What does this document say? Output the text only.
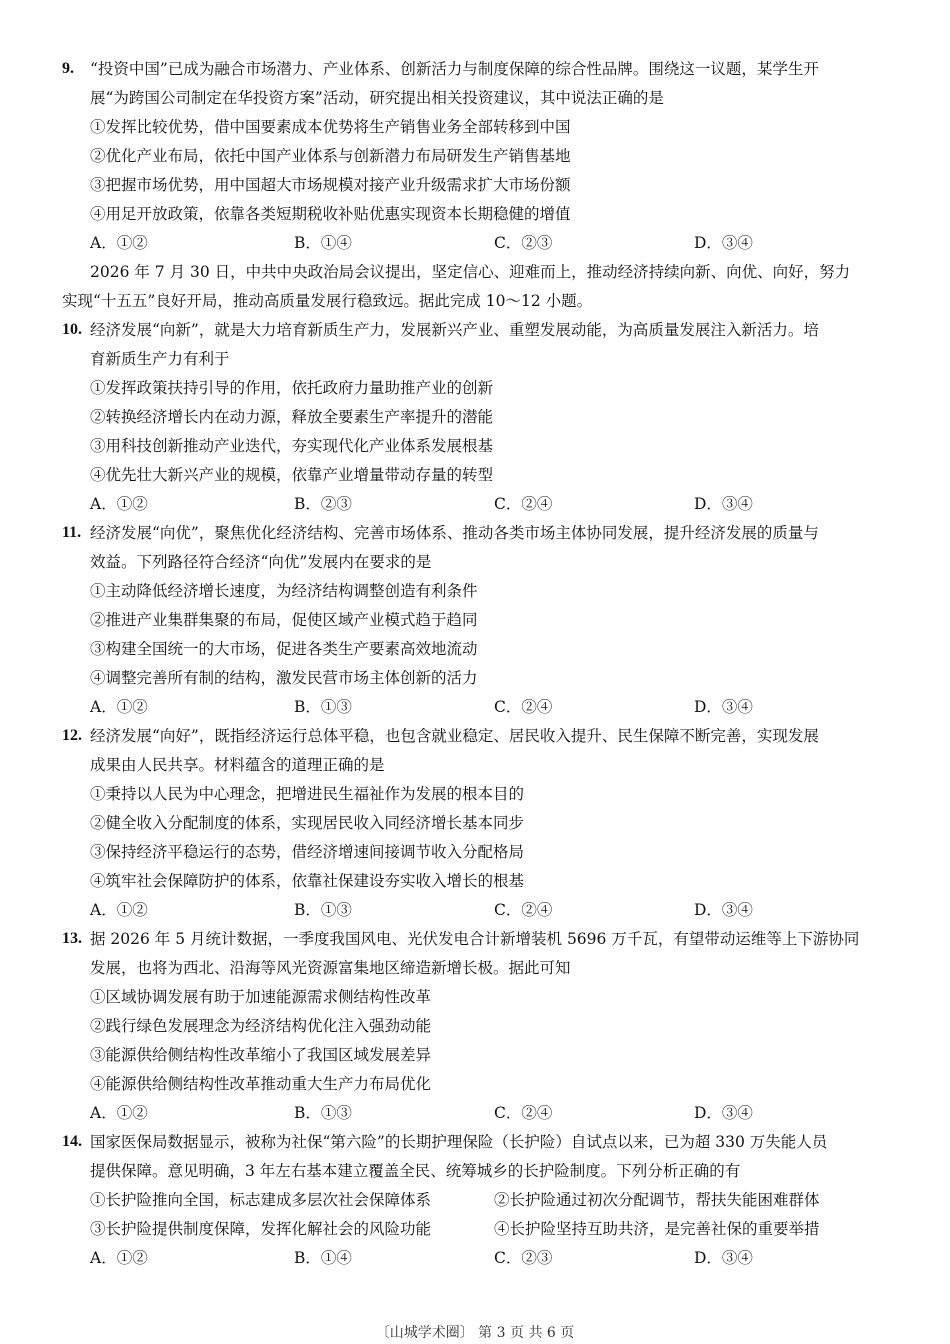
9. “投资中国”已成为融合市场潜力、产业体系、创新活力与制度保障的综合性品牌。围绕这一议题，某学生开
展“为跨国公司制定在华投资方案”活动，研究提出相关投资建议，其中说法正确的是
①发挥比较优势，借中国要素成本优势将生产销售业务全部转移到中国
②优化产业布局，依托中国产业体系与创新潜力布局研发生产销售基地
③把握市场优势，用中国超大市场规模对接产业升级需求扩大市场份额
④用足开放政策，依靠各类短期税收补贴优惠实现资本长期稳健的增值
A．①②	B．①④	C．②③	D．③④
2026 年 7 月 30 日，中共中央政治局会议提出，坚定信心、迎难而上，推动经济持续向新、向优、向好，努力
实现“十五五”良好开局，推动高质量发展行稳致远。据此完成 10～12 小题。
10. 经济发展“向新”，就是大力培育新质生产力，发展新兴产业、重塑发展动能，为高质量发展注入新活力。培
育新质生产力有利于
①发挥政策扶持引导的作用，依托政府力量助推产业的创新
②转换经济增长内在动力源，释放全要素生产率提升的潜能
③用科技创新推动产业迭代，夯实现代化产业体系发展根基
④优先壮大新兴产业的规模，依靠产业增量带动存量的转型
A．①②	B．②③	C．②④	D．③④
11. 经济发展“向优”，聚焦优化经济结构、完善市场体系、推动各类市场主体协同发展，提升经济发展的质量与
效益。下列路径符合经济“向优”发展内在要求的是
①主动降低经济增长速度，为经济结构调整创造有利条件
②推进产业集群集聚的布局，促使区域产业模式趋于趋同
③构建全国统一的大市场，促进各类生产要素高效地流动
④调整完善所有制的结构，激发民营市场主体创新的活力
A．①②	B．①③	C．②④	D．③④
12. 经济发展“向好”，既指经济运行总体平稳，也包含就业稳定、居民收入提升、民生保障不断完善，实现发展
成果由人民共享。材料蕴含的道理正确的是
①秉持以人民为中心理念，把增进民生福祉作为发展的根本目的
②健全收入分配制度的体系，实现居民收入同经济增长基本同步
③保持经济平稳运行的态势，借经济增速间接调节收入分配格局
④筑牢社会保障防护的体系，依靠社保建设夯实收入增长的根基
A．①②	B．①③	C．②④	D．③④
13. 据 2026 年 5 月统计数据，一季度我国风电、光伏发电合计新增装机 5696 万千瓦，有望带动运维等上下游协同
发展，也将为西北、沿海等风光资源富集地区缔造新增长极。据此可知
①区域协调发展有助于加速能源需求侧结构性改革
②践行绿色发展理念为经济结构优化注入强劲动能
③能源供给侧结构性改革缩小了我国区域发展差异
④能源供给侧结构性改革推动重大生产力布局优化
A．①②	B．①③	C．②④	D．③④
14. 国家医保局数据显示，被称为社保“第六险”的长期护理保险（长护险）自试点以来，已为超 330 万失能人员
提供保障。意见明确，3 年左右基本建立覆盖全民、统筹城乡的长护险制度。下列分析正确的有
①长护险推向全国，标志建成多层次社会保障体系	②长护险通过初次分配调节，帮扶失能困难群体
③长护险提供制度保障，发挥化解社会的风险功能	④长护险坚持互助共济，是完善社保的重要举措
A．①②	B．①④	C．②③	D．③④
〔山城学术圈〕 第 3 页 共 6 页
